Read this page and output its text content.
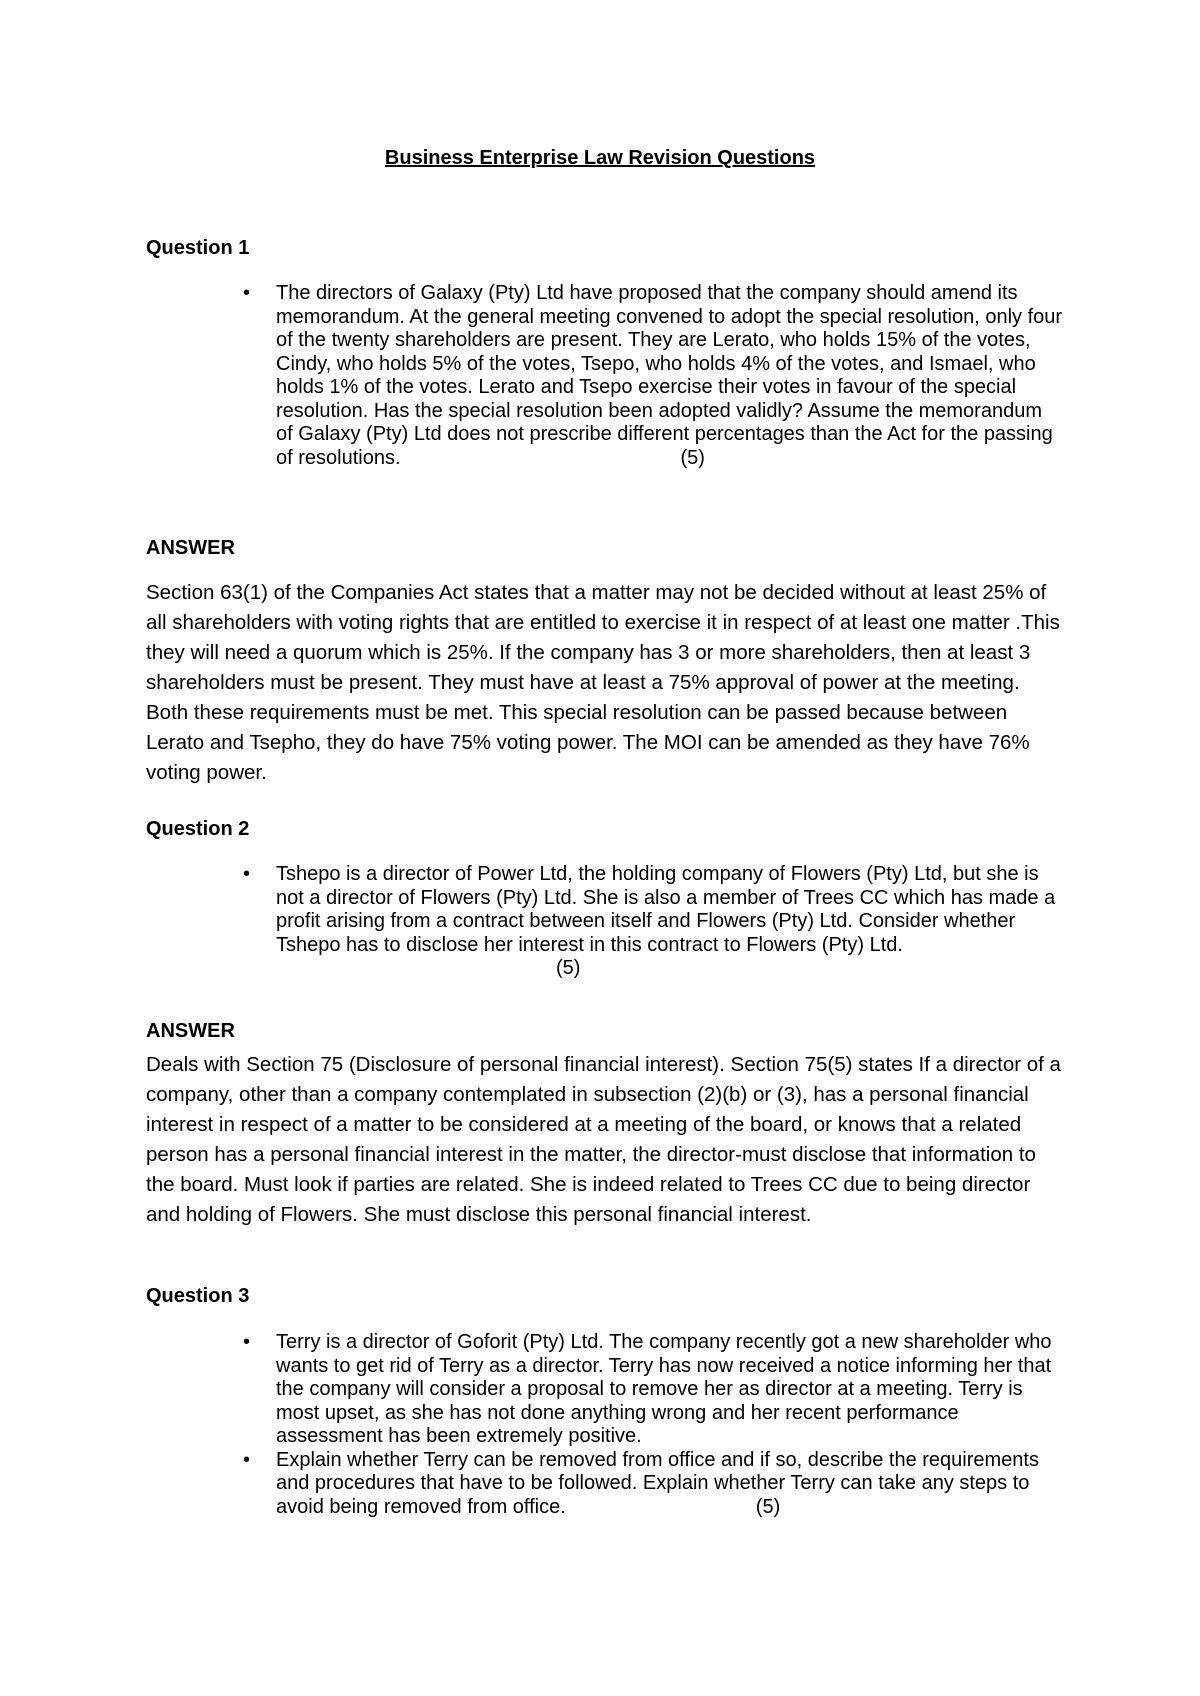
Business Enterprise Law Revision Questions
Question 1
• The directors of Galaxy (Pty) Ltd have proposed that the company should amend its memorandum. At the general meeting convened to adopt the special resolution, only four of the twenty shareholders are present. They are Lerato, who holds 15% of the votes, Cindy, who holds 5% of the votes, Tsepo, who holds 4% of the votes, and Ismael, who holds 1% of the votes. Lerato and Tsepo exercise their votes in favour of the special resolution. Has the special resolution been adopted validly? Assume the memorandum of Galaxy (Pty) Ltd does not prescribe different percentages than the Act for the passing of resolutions.	(5)
ANSWER

Section 63(1) of the Companies Act states that a matter may not be decided without at least 25% of all shareholders with voting rights that are entitled to exercise it in respect of at least one matter .This they will need a quorum which is 25%. If the company has 3 or more shareholders, then at least 3 shareholders must be present. They must have at least a 75% approval of power at the meeting. Both these requirements must be met. This special resolution can be passed because between Lerato and Tsepho, they do have 75% voting power. The MOI can be amended as they have 76% voting power.

Question 2
• Tshepo is a director of Power Ltd, the holding company of Flowers (Pty) Ltd, but she is not a director of Flowers (Pty) Ltd. She is also a member of Trees CC which has made a profit arising from a contract between itself and Flowers (Pty) Ltd. Consider whether Tshepo has to disclose her interest in this contract to Flowers (Pty) Ltd.(5)
ANSWER

Deals with Section 75 (Disclosure of personal financial interest). Section 75(5) states If a director of a company, other than a company contemplated in subsection (2)(b) or (3), has a personal financial interest in respect of a matter to be considered at a meeting of the board, or knows that a related person has a personal financial interest in the matter, the director-must disclose that information to the board. Must look if parties are related. She is indeed related to Trees CC due to being director and holding of Flowers. She must disclose this personal financial interest.

Question 3
• Terry is a director of Goforit (Pty) Ltd. The company recently got a new shareholder who wants to get rid of Terry as a director. Terry has now received a notice informing her that the company will consider a proposal to remove her as director at a meeting. Terry is most upset, as she has not done anything wrong and her recent performance assessment has been extremely positive.
• Explain whether Terry can be removed from office and if so, describe the requirements and procedures that have to be followed. Explain whether Terry can take any steps to avoid being removed from office.	(5)
